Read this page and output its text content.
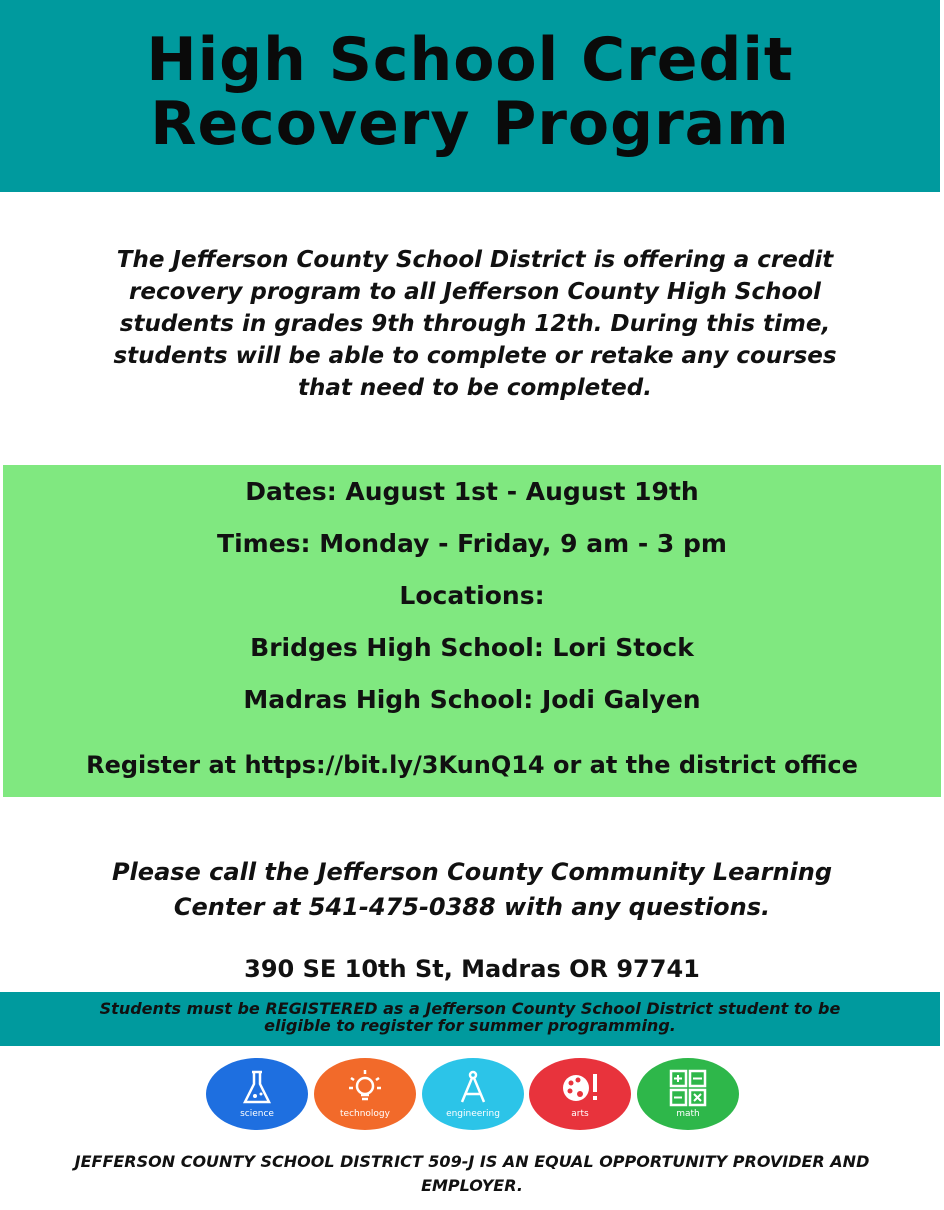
High School Credit
Recovery Program

The Jefferson County School District is offering a credit
recovery program to all Jefferson County High School
students in grades 9th through 12th. During this time,
students will be able to complete or retake any courses
that need to be completed.

Dates: August 1st - August 19th

Times: Monday - Friday, 9 am - 3 pm

Locations:

Bridges High School: Lori Stock

Madras High School: Jodi Galyen

Register at https://bit.ly/3KunQ14 or at the district office

Please call the Jefferson County Community Learning
Center at 541-475-0388 with any questions.

390 SE 10th St, Madras OR 97741

Students must be REGISTERED as a Jefferson County School District student to be
eligible to register for summer programming.

science	technology	engineering	arts	math

JEFFERSON COUNTY SCHOOL DISTRICT 509-J IS AN EQUAL OPPORTUNITY PROVIDER AND
EMPLOYER.
